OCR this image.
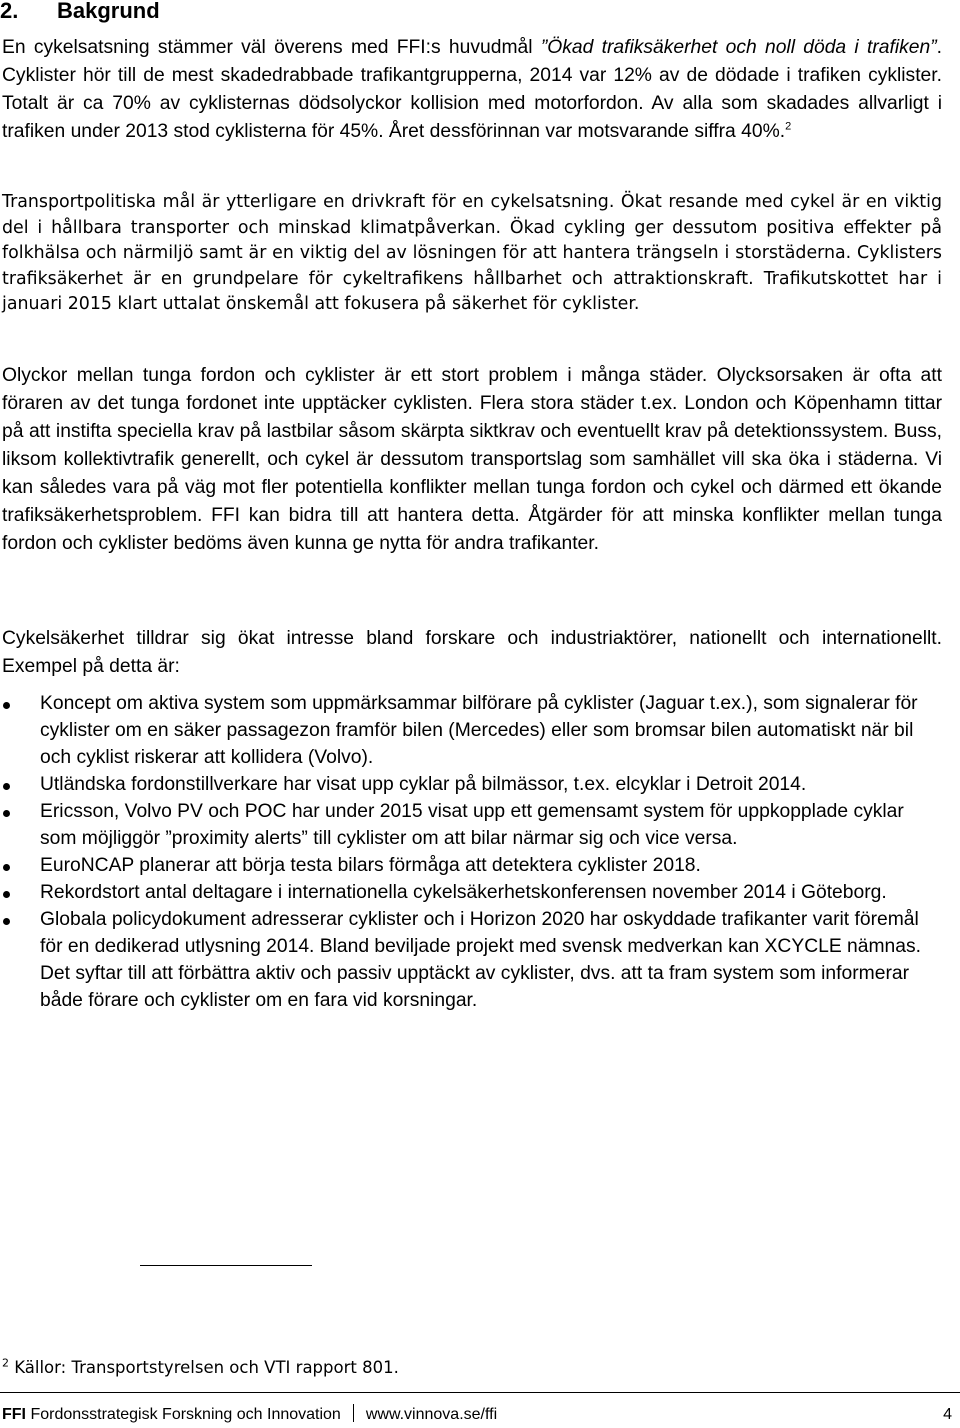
2. Bakgrund

En cykelsatsning stämmer väl överens med FFI:s huvudmål ”Ökad trafiksäkerhet och noll döda i trafiken”. Cyklister hör till de mest skadedrabbade trafikantgrupperna, 2014 var 12% av de dödade i trafiken cyklister. Totalt är ca 70% av cyklisternas dödsolyckor kollision med motorfordon. Av alla som skadades allvarligt i trafiken under 2013 stod cyklisterna för 45%. Året dessförinnan var motsvarande siffra 40%.$^2$

Transportpolitiska mål är ytterligare en drivkraft för en cykelsatsning. Ökat resande med cykel är en viktig del i hållbara transporter och minskad klimatpåverkan. Ökad cykling ger dessutom positiva effekter på folkhälsa och närmiljö samt är en viktig del av lösningen för att hantera trängseln i storstäderna. Cyklisters trafiksäkerhet är en grundpelare för cykeltrafikens hållbarhet och attraktionskraft. Trafikutskottet har i januari 2015 klart uttalat önskemål att fokusera på säkerhet för cyklister.

Olyckor mellan tunga fordon och cyklister är ett stort problem i många städer. Olycksorsaken är ofta att föraren av det tunga fordonet inte upptäcker cyklisten. Flera stora städer t.ex. London och Köpenhamn tittar på att instifta speciella krav på lastbilar såsom skärpta siktkrav och eventuellt krav på detektionssystem. Buss, liksom kollektivtrafik generellt, och cykel är dessutom transportslag som samhället vill ska öka i städerna. Vi kan således vara på väg mot fler potentiella konflikter mellan tunga fordon och cykel och därmed ett ökande trafiksäkerhetsproblem. FFI kan bidra till att hantera detta. Åtgärder för att minska konflikter mellan tunga fordon och cyklister bedöms även kunna ge nytta för andra trafikanter.

Cykelsäkerhet tilldrar sig ökat intresse bland forskare och industriaktörer, nationellt och internationellt. Exempel på detta är:

Koncept om aktiva system som uppmärksammar bilförare på cyklister (Jaguar t.ex.), som signalerar för cyklister om en säker passagezon framför bilen (Mercedes) eller som bromsar bilen automatiskt när bil och cyklist riskerar att kollidera (Volvo).
Utländska fordonstillverkare har visat upp cyklar på bilmässor, t.ex. elcyklar i Detroit 2014.
Ericsson, Volvo PV och POC har under 2015 visat upp ett gemensamt system för uppkopplade cyklar som möjliggör ”proximity alerts” till cyklister om att bilar närmar sig och vice versa.
EuroNCAP planerar att börja testa bilars förmåga att detektera cyklister 2018.
Rekordstort antal deltagare i internationella cykelsäkerhetskonferensen november 2014 i Göteborg.
Globala policydokument adresserar cyklister och i Horizon 2020 har oskyddade trafikanter varit föremål för en dedikerad utlysning 2014. Bland beviljade projekt med svensk medverkan kan XCYCLE nämnas. Det syftar till att förbättra aktiv och passiv upptäckt av cyklister, dvs. att ta fram system som informerar både förare och cyklister om en fara vid korsningar.

$^2$ Källor: Transportstyrelsen och VTI rapport 801.

FFI Fordonsstrategisk Forskning och Innovation www.vinnova.se/ffi	4
